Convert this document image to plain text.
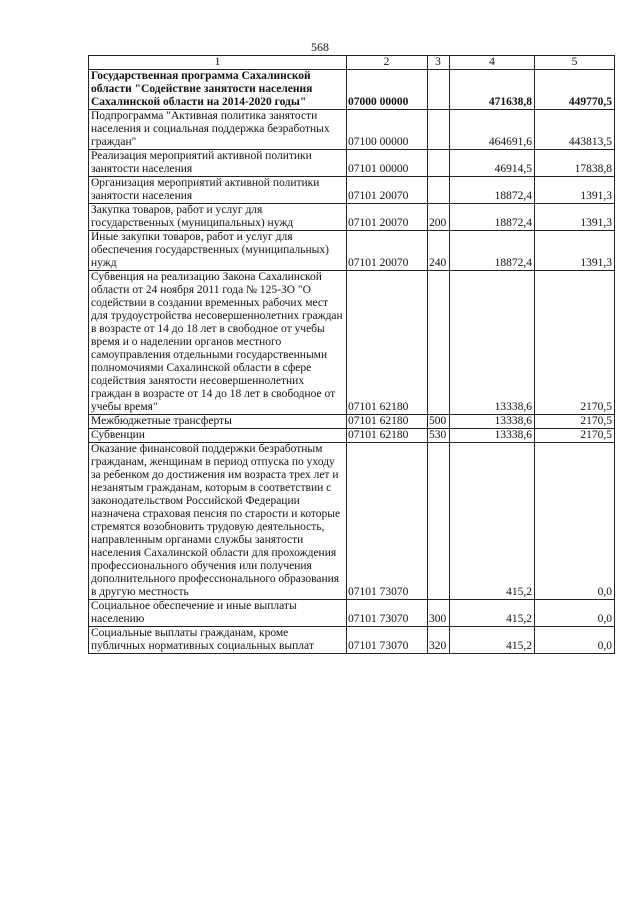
568
1	2	3	4	5
Государственная программа Сахалинской области "Содействие занятости населения Сахалинской области на 2014-2020 годы"	07000 00000		471638,8	449770,5
Подпрограмма "Активная политика занятости населения и социальная поддержка безработных граждан"	07100 00000		464691,6	443813,5
Реализация мероприятий активной политики занятости населения	07101 00000		46914,5	17838,8
Организация мероприятий активной политики занятости населения	07101 20070		18872,4	1391,3
Закупка товаров, работ и услуг для государственных (муниципальных) нужд	07101 20070	200	18872,4	1391,3
Иные закупки товаров, работ и услуг для обеспечения государственных (муниципальных) нужд	07101 20070	240	18872,4	1391,3
Субвенция на реализацию Закона Сахалинской области от 24 ноября 2011 года № 125-ЗО "О содействии в создании временных рабочих мест для трудоустройства несовершеннолетних граждан в возрасте от 14 до 18 лет в свободное от учебы время и о наделении органов местного самоуправления отдельными государственными полномочиями Сахалинской области в сфере содействия занятости несовершеннолетних граждан в возрасте от 14 до 18 лет в свободное от учебы время"	07101 62180		13338,6	2170,5
Межбюджетные трансферты	07101 62180	500	13338,6	2170,5
Субвенции	07101 62180	530	13338,6	2170,5
Оказание финансовой поддержки безработным гражданам, женщинам в период отпуска по уходу за ребенком до достижения им возраста трех лет и незанятым гражданам, которым в соответствии с законодательством Российской Федерации назначена страховая пенсия по старости и которые стремятся возобновить трудовую деятельность, направленным органами службы занятости населения Сахалинской области для прохождения профессионального обучения или получения дополнительного профессионального образования в другую местность	07101 73070		415,2	0,0
Социальное обеспечение и иные выплаты населению	07101 73070	300	415,2	0,0
Социальные выплаты гражданам, кроме публичных нормативных социальных выплат	07101 73070	320	415,2	0,0
